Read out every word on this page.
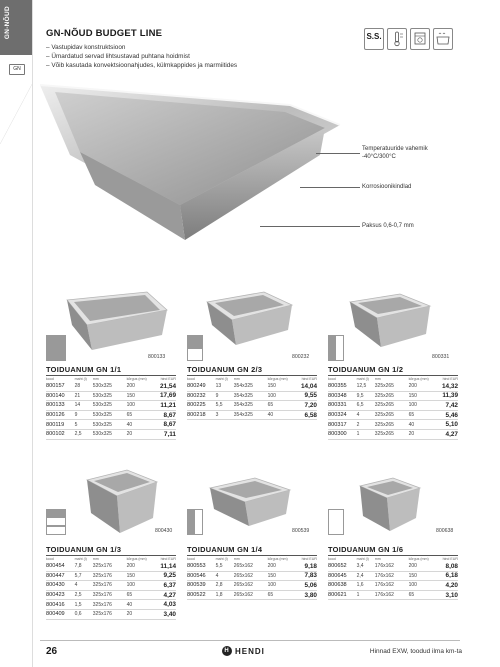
GN-NÕUD
GN
GN-NÕUD BUDGET LINE
– Vastupidav konstruktsioon
– Ümardatud servad lihtsustavad puhtana hoidmist
– Võib kasutada konvektsioonahjudes, külmkappides ja marmiitides
S.S.
Temperatuuride vahemik -40°C/300°C
Korrosioonikindlad
Paksus 0,6-0,7 mm
800133	800232	800331
800430	800539	800638
TOIDUANUM GN 1/1
kood	maht (l)	mm	kõrgus (mm)	hind EUR
800157	28	530x325	200	21,54
800140	21	530x325	150	17,69
800133	14	530x325	100	11,21
800126	9	530x325	65	8,67
800119	5	530x325	40	8,67
800102	2,5	530x325	20	7,11
TOIDUANUM GN 2/3
kood	maht (l)	mm	kõrgus (mm)	hind EUR
800249	13	354x325	150	14,04
800232	9	354x325	100	9,55
800225	5,5	354x325	65	7,20
800218	3	354x325	40	6,58
TOIDUANUM GN 1/2
kood	maht (l)	mm	kõrgus (mm)	hind EUR
800355	12,5	325x265	200	14,32
800348	9,5	325x265	150	11,39
800331	6,5	325x265	100	7,42
800324	4	325x265	65	5,46
800317	2	325x265	40	5,10
800300	1	325x265	20	4,27
TOIDUANUM GN 1/3
kood	maht (l)	mm	kõrgus (mm)	hind EUR
800454	7,8	325x176	200	11,14
800447	5,7	325x176	150	9,25
800430	4	325x176	100	6,37
800423	2,5	325x176	65	4,27
800416	1,5	325x176	40	4,03
800409	0,6	325x176	20	3,40
TOIDUANUM GN 1/4
kood	maht (l)	mm	kõrgus (mm)	hind EUR
800553	5,5	265x162	200	9,18
800546	4	265x162	150	7,83
800539	2,8	265x162	100	5,06
800522	1,8	265x162	65	3,80
TOIDUANUM GN 1/6
kood	maht (l)	mm	kõrgus (mm)	hind EUR
800652	3,4	176x162	200	8,08
800645	2,4	176x162	150	6,18
800638	1,6	176x162	100	4,20
800621	1	176x162	65	3,10
26	H HENDI	Hinnad EXW, toodud ilma km-ta
